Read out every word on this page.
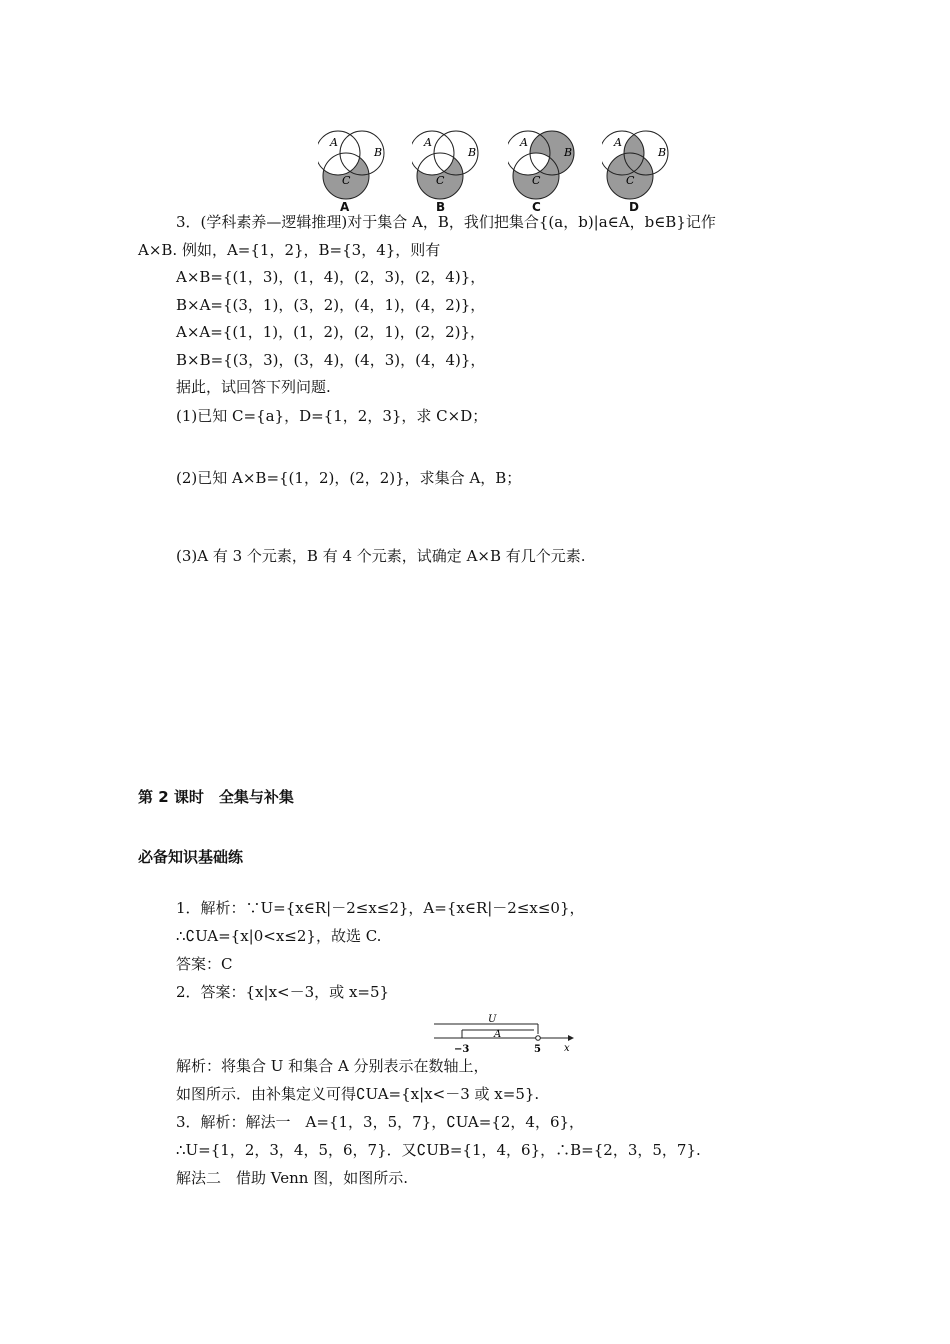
A
B
C
A
B
C
A
B
C
A
B
C
A	B	C	D
3．(学科素养—逻辑推理)对于集合 A，B，我们把集合{(a，b)|a∈A，b∈B}记作
A×B. 例如，A={1，2}，B={3，4}，则有
A×B={(1，3)，(1，4)，(2，3)，(2，4)}，
B×A={(3，1)，(3，2)，(4，1)，(4，2)}，
A×A={(1，1)，(1，2)，(2，1)，(2，2)}，
B×B={(3，3)，(3，4)，(4，3)，(4，4)}，
据此，试回答下列问题.
(1)已知 C={a}，D={1，2，3}，求 C×D；
(2)已知 A×B={(1，2)，(2，2)}，求集合 A，B；
(3)A 有 3 个元素，B 有 4 个元素，试确定 A×B 有几个元素.
第 2 课时　全集与补集
必备知识基础练
1．解析：∵U={x∈R|－2≤x≤2}，A={x∈R|－2≤x≤0}，
∴∁UA={x|0<x≤2}，故选 C.
答案：C
2．答案：{x|x<－3，或 x=5}
U
A
−3	5 x
解析：将集合 U 和集合 A 分别表示在数轴上，
如图所示．由补集定义可得∁UA={x|x<－3 或 x=5}.
3．解析：解法一　A={1，3，5，7}，∁UA={2，4，6}，
∴U={1，2，3，4，5，6，7}．又∁UB={1，4，6}，∴B={2，3，5，7}.
解法二　借助 Venn 图，如图所示.
